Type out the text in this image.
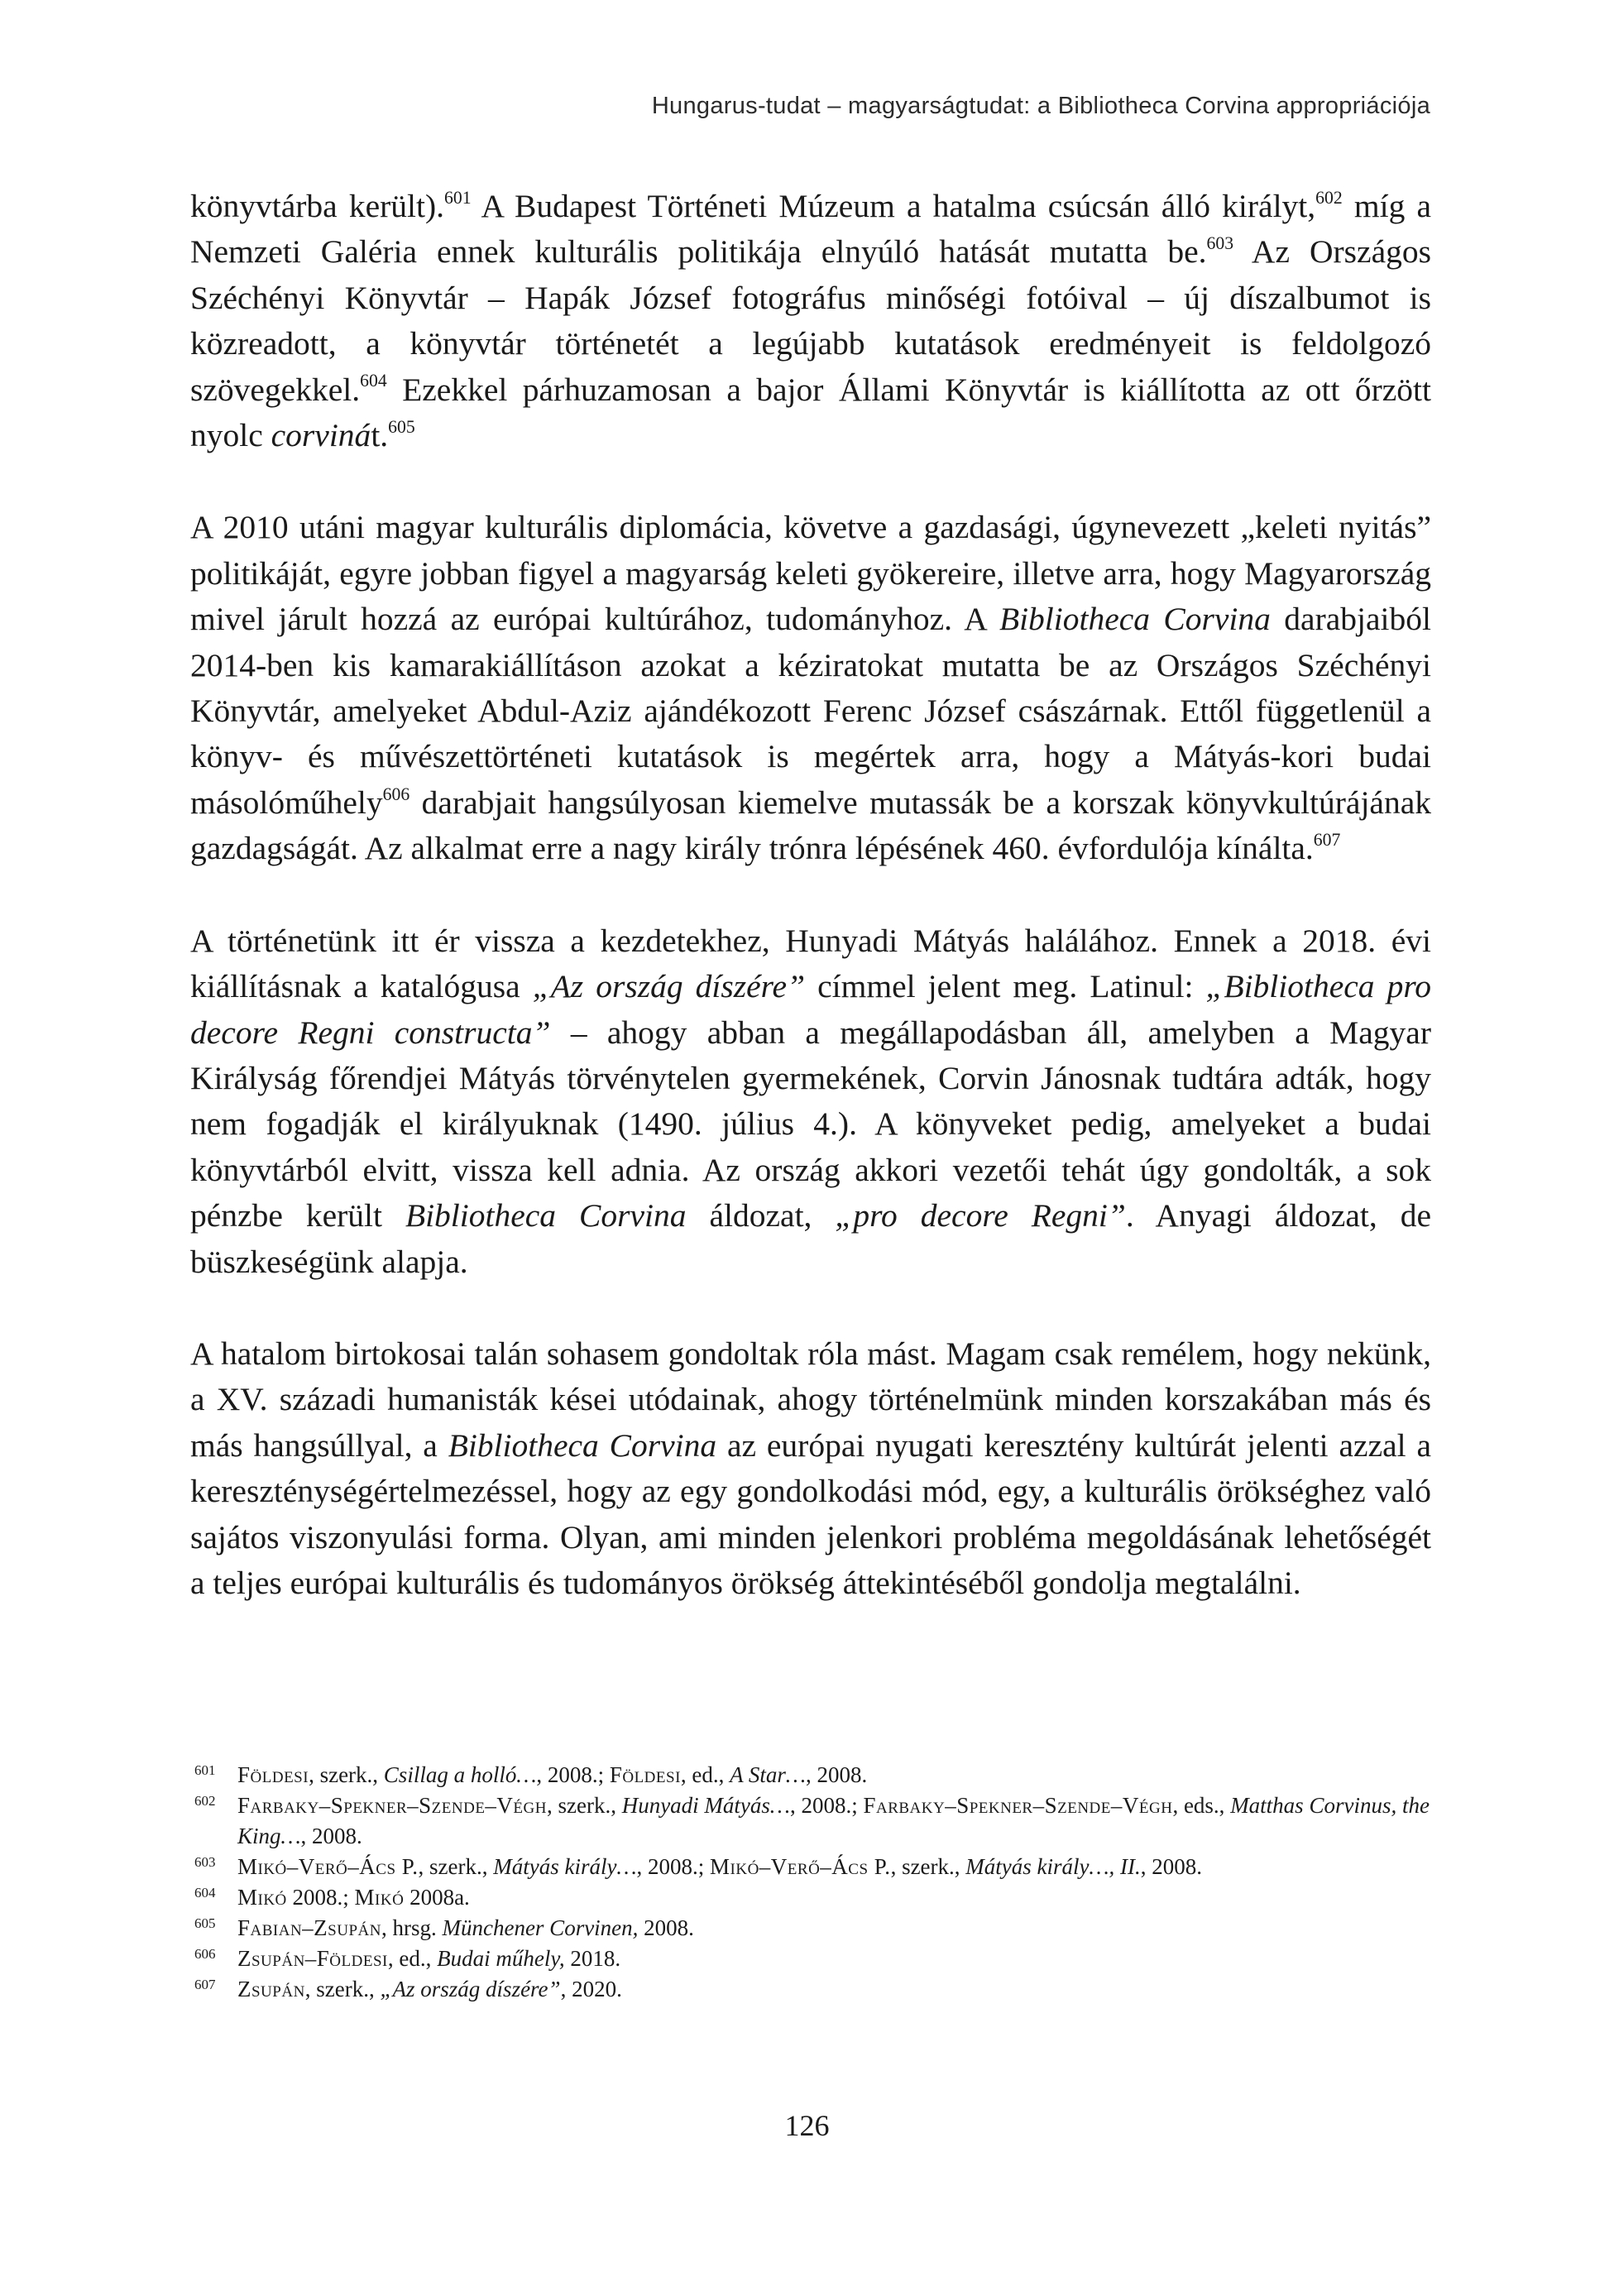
Hungarus-tudat – magyarságtudat: a Bibliotheca Corvina appropriációja

könyvtárba került).$^{601}$ A Budapest Történeti Múzeum a hatalma csúcsán álló királyt,$^{602}$ míg a Nemzeti Galéria ennek kulturális politikája elnyúló hatását mutatta be.$^{603}$ Az Országos Széchényi Könyvtár – Hapák József fotográfus minőségi fotóival – új díszalbumot is közreadott, a könyvtár történetét a legújabb kutatások eredményeit is feldolgozó szövegekkel.$^{604}$ Ezekkel párhuzamosan a bajor Állami Könyvtár is kiállította az ott őrzött nyolc corvinát.$^{605}$

A 2010 utáni magyar kulturális diplomácia, követve a gazdasági, úgynevezett „keleti nyitás” politikáját, egyre jobban figyel a magyarság keleti gyökereire, illetve arra, hogy Magyarország mivel járult hozzá az európai kultúrához, tudományhoz. A Bibliotheca Corvina darabjaiból 2014-ben kis kamarakiállításon azokat a kéziratokat mutatta be az Országos Széchényi Könyvtár, amelyeket Abdul-Aziz ajándékozott Ferenc József császárnak. Ettől függetlenül a könyv- és művészettörténeti kutatások is megértek arra, hogy a Mátyás-kori budai másolóműhely$^{606}$ darabjait hangsúlyosan kiemelve mutassák be a korszak könyvkultúrájának gazdagságát. Az alkalmat erre a nagy király trónra lépésének 460. évfordulója kínálta.$^{607}$

A történetünk itt ér vissza a kezdetekhez, Hunyadi Mátyás halálához. Ennek a 2018. évi kiállításnak a katalógusa „Az ország díszére” címmel jelent meg. Latinul: „Bibliotheca pro decore Regni constructa” – ahogy abban a megállapodásban áll, amelyben a Magyar Királyság főrendjei Mátyás törvénytelen gyermekének, Corvin Jánosnak tudtára adták, hogy nem fogadják el királyuknak (1490. július 4.). A könyveket pedig, amelyeket a budai könyvtárból elvitt, vissza kell adnia. Az ország akkori vezetői tehát úgy gondolták, a sok pénzbe került Bibliotheca Corvina áldozat, „pro decore Regni”. Anyagi áldozat, de büszkeségünk alapja.

A hatalom birtokosai talán sohasem gondoltak róla mást. Magam csak remélem, hogy nekünk, a XV. századi humanisták kései utódainak, ahogy történelmünk minden korszakában más és más hangsúllyal, a Bibliotheca Corvina az európai nyugati keresztény kultúrát jelenti azzal a kereszténységértelmezéssel, hogy az egy gondolkodási mód, egy, a kulturális örökséghez való sajátos viszonyulási forma. Olyan, ami minden jelenkori probléma megoldásának lehetőségét a teljes európai kulturális és tudományos örökség áttekintéséből gondolja megtalálni.

601 Földesi, szerk., Csillag a holló…, 2008.; Földesi, ed., A Star…, 2008.
602 Farbaky–Spekner–Szende–Végh, szerk., Hunyadi Mátyás…, 2008.; Farbaky–Spekner–Szende–Végh, eds., Matthas Corvinus, the King…, 2008.
603 Mikó–Verő–Ács P., szerk., Mátyás király…, 2008.; Mikó–Verő–Ács P., szerk., Mátyás király…, II., 2008.
604 Mikó 2008.; Mikó 2008a.
605 Fabian–Zsupán, hrsg. Münchener Corvinen, 2008.
606 Zsupán–Földesi, ed., Budai műhely, 2018.
607 Zsupán, szerk., „Az ország díszére”, 2020.
126
